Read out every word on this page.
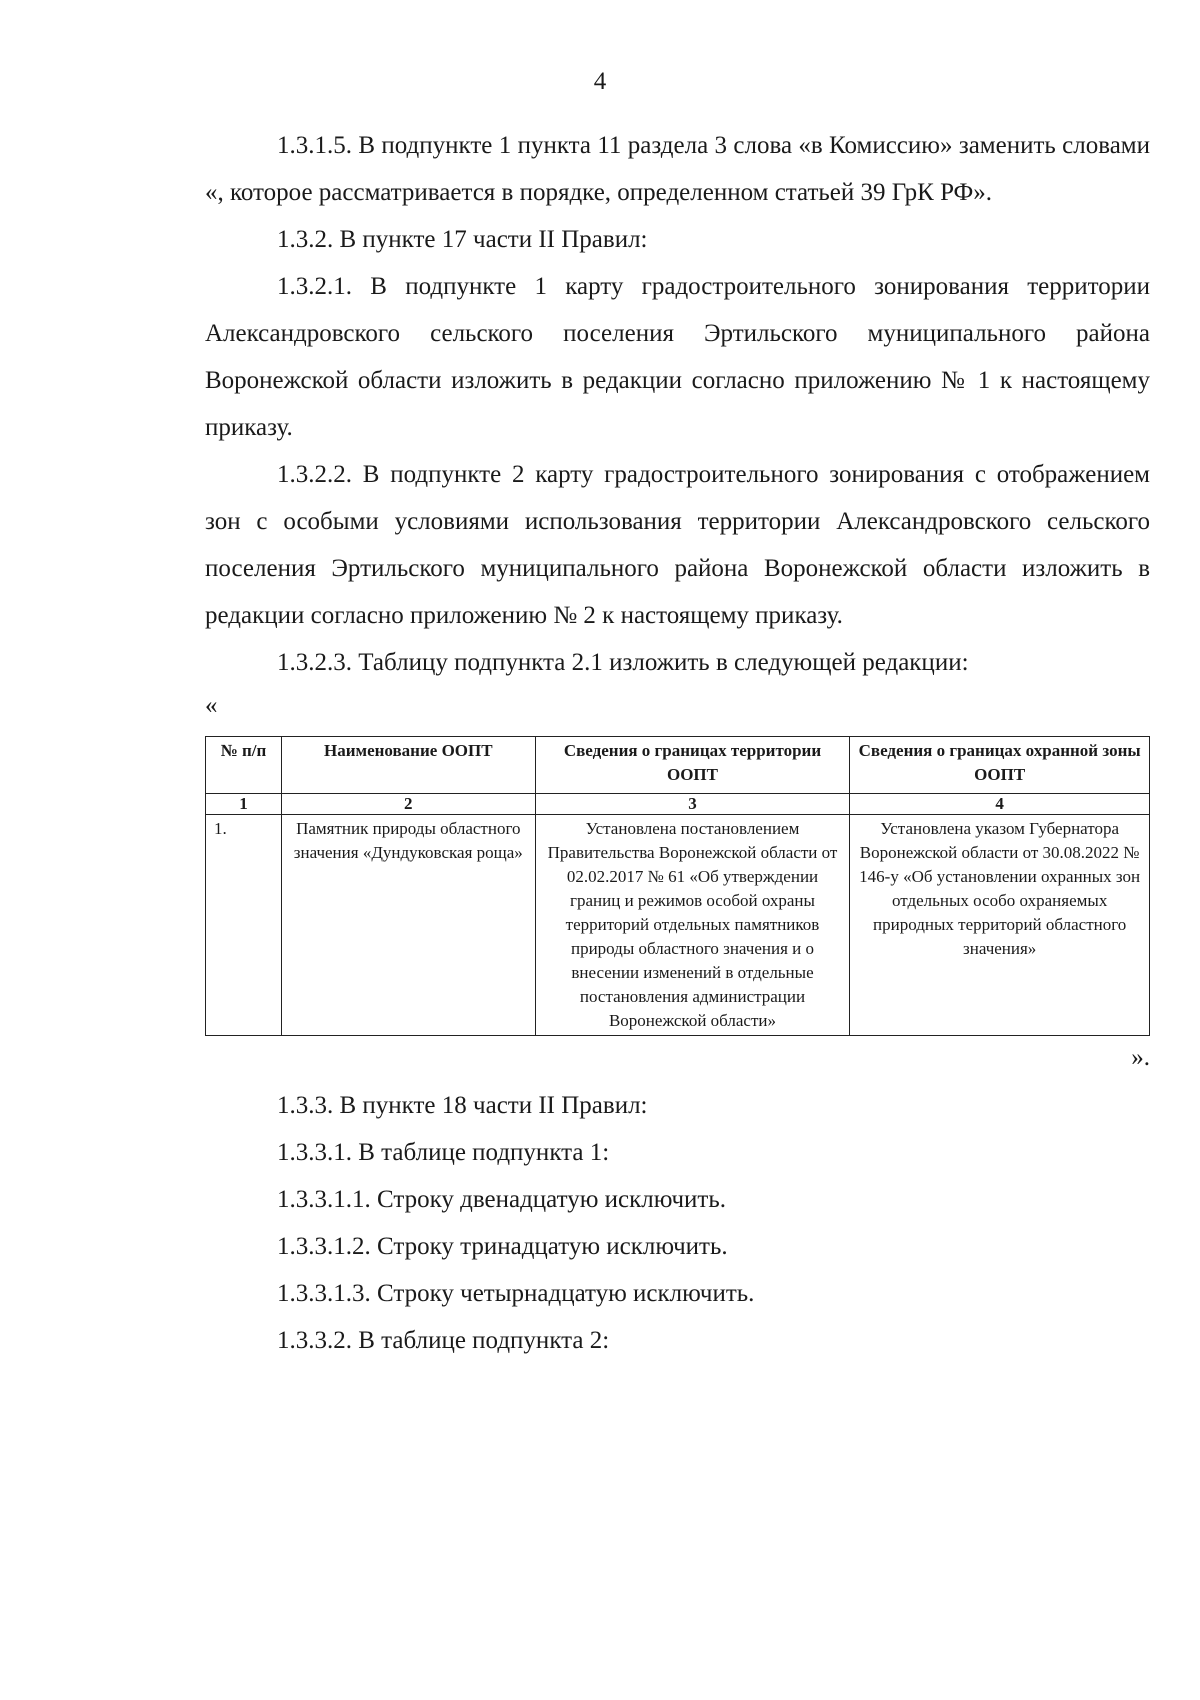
4

1.3.1.5. В подпункте 1 пункта 11 раздела 3 слова «в Комиссию» заменить словами «, которое рассматривается в порядке, определенном статьей 39 ГрК РФ».

1.3.2. В пункте 17 части II Правил:

1.3.2.1. В подпункте 1 карту градостроительного зонирования территории Александровского сельского поселения Эртильского муниципального района Воронежской области изложить в редакции согласно приложению № 1 к настоящему приказу.

1.3.2.2. В подпункте 2 карту градостроительного зонирования с отображением зон с особыми условиями использования территории Александровского сельского поселения Эртильского муниципального района Воронежской области изложить в редакции согласно приложению № 2 к настоящему приказу.

1.3.2.3. Таблицу подпункта 2.1 изложить в следующей редакции:

«

№ п/п	Наименование ООПТ	Сведения о границах территории ООПТ	Сведения о границах охранной зоны ООПТ
1	2	3	4
1.	Памятник природы областного значения «Дундуковская роща»	Установлена постановлением Правительства Воронежской области от 02.02.2017 № 61 «Об утверждении границ и режимов особой охраны территорий отдельных памятников природы областного значения и о внесении изменений в отдельные постановления администрации Воронежской области»	Установлена указом Губернатора Воронежской области от 30.08.2022 № 146-у «Об установлении охранных зон отдельных особо охраняемых природных территорий областного значения»

».

1.3.3. В пункте 18 части II Правил:

1.3.3.1. В таблице подпункта 1:

1.3.3.1.1. Строку двенадцатую исключить.

1.3.3.1.2. Строку тринадцатую исключить.

1.3.3.1.3. Строку четырнадцатую исключить.

1.3.3.2. В таблице подпункта 2:
